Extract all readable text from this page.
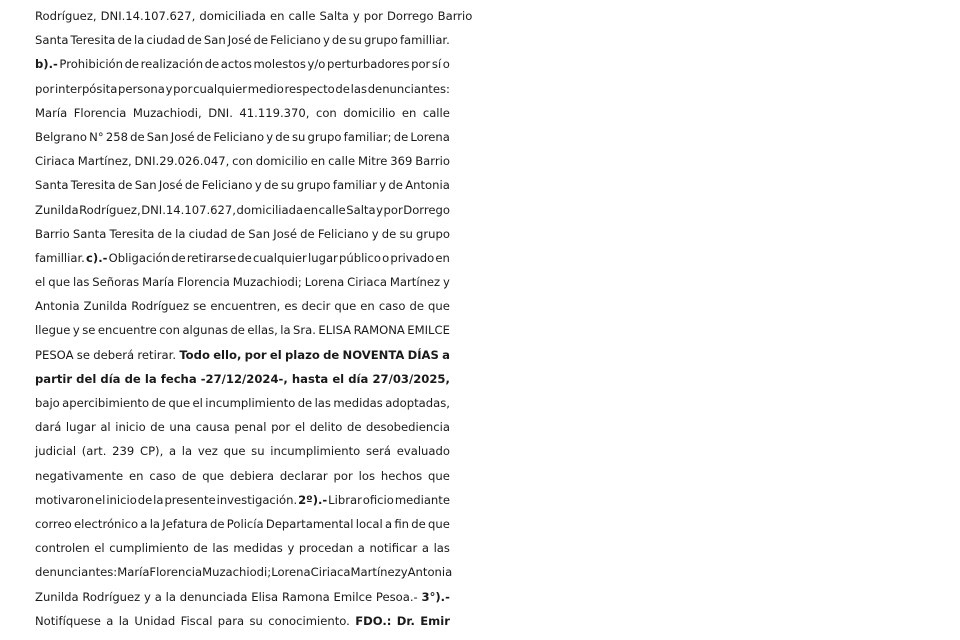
Rodríguez, DNI.14.107.627, domiciliada en calle Salta y por Dorrego Barrio
Santa Teresita de la ciudad de San José de Feliciano y de su grupo familliar.
b).- Prohibición de realización de actos molestos y/o perturbadores por sí o
por interpósita persona y por cualquier medio respecto de las denunciantes:
María Florencia Muzachiodi, DNI. 41.119.370, con domicilio en calle
Belgrano N° 258 de San José de Feliciano y de su grupo familiar; de Lorena
Ciriaca Martínez, DNI.29.026.047, con domicilio en calle Mitre 369 Barrio
Santa Teresita de San José de Feliciano y de su grupo familiar y de Antonia
Zunilda Rodríguez, DNI.14.107.627, domiciliada en calle Salta y por Dorrego
Barrio Santa Teresita de la ciudad de San José de Feliciano y de su grupo
familliar. c).- Obligación de retirarse de cualquier lugar público o privado en
el que las Señoras María Florencia Muzachiodi; Lorena Ciriaca Martínez y
Antonia Zunilda Rodríguez se encuentren, es decir que en caso de que
llegue y se encuentre con algunas de ellas, la Sra. ELISA RAMONA EMILCE
PESOA se deberá retirar. Todo ello, por el plazo de NOVENTA DÍAS a
partir del día de la fecha -27/12/2024-, hasta el día 27/03/2025,
bajo apercibimiento de que el incumplimiento de las medidas adoptadas,
dará lugar al inicio de una causa penal por el delito de desobediencia
judicial (art. 239 CP), a la vez que su incumplimiento será evaluado
negativamente en caso de que debiera declarar por los hechos que
motivaron el inicio de la presente investigación. 2º).- Librar oficio mediante
correo electrónico a la Jefatura de Policía Departamental local a fin de que
controlen el cumplimiento de las medidas y procedan a notificar a las
denunciantes: María Florencia Muzachiodi; Lorena Ciriaca Martínez y Antonia
Zunilda Rodríguez y a la denunciada Elisa Ramona Emilce Pesoa.- 3°).-
Notifíquese a la Unidad Fiscal para su conocimiento. FDO.: Dr. Emir
